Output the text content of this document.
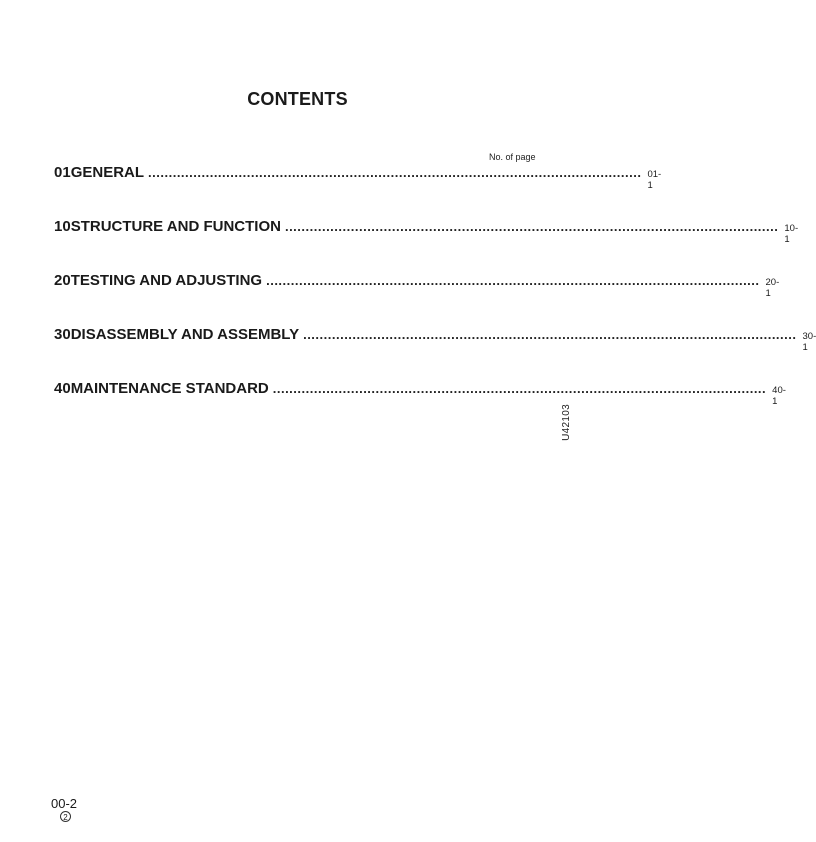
CONTENTS
No. of page
01 GENERAL ........................................................................................................................ 01-1
10 STRUCTURE AND FUNCTION ........................................................................................................................ 10-1
20 TESTING AND ADJUSTING ........................................................................................................................ 20-1
30 DISASSEMBLY AND ASSEMBLY ........................................................................................................................ 30-1
40 MAINTENANCE STANDARD ........................................................................................................................ 40-1
U42103
00-2
2
